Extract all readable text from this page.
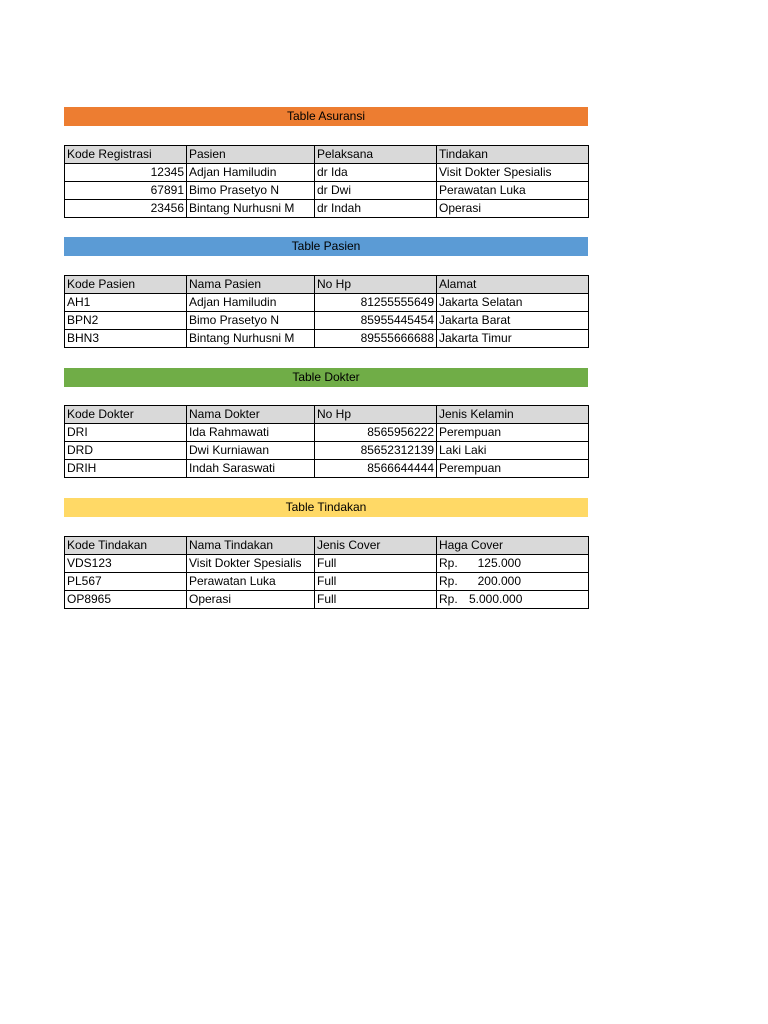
Table Asuransi
Kode Registrasi	Pasien	Pelaksana	Tindakan
12345	Adjan Hamiludin	dr Ida	Visit Dokter Spesialis
67891	Bimo Prasetyo N	dr Dwi	Perawatan Luka
23456	Bintang Nurhusni M	dr Indah	Operasi
Table Pasien
Kode Pasien	Nama Pasien	No Hp	Alamat
AH1	Adjan Hamiludin	81255555649	Jakarta Selatan
BPN2	Bimo Prasetyo N	85955445454	Jakarta Barat
BHN3	Bintang Nurhusni M	89555666688	Jakarta Timur
Table Dokter
Kode Dokter	Nama Dokter	No Hp	Jenis Kelamin
DRI	Ida Rahmawati	8565956222	Perempuan
DRD	Dwi Kurniawan	85652312139	Laki Laki
DRIH	Indah Saraswati	8566644444	Perempuan
Table Tindakan
Kode Tindakan	Nama Tindakan	Jenis Cover	Haga Cover
VDS123	Visit Dokter Spesialis	Full	Rp. 125.000

PL567	Perawatan Luka	Full	Rp. 200.000

OP8965	Operasi	Full	Rp. 5.000.000
